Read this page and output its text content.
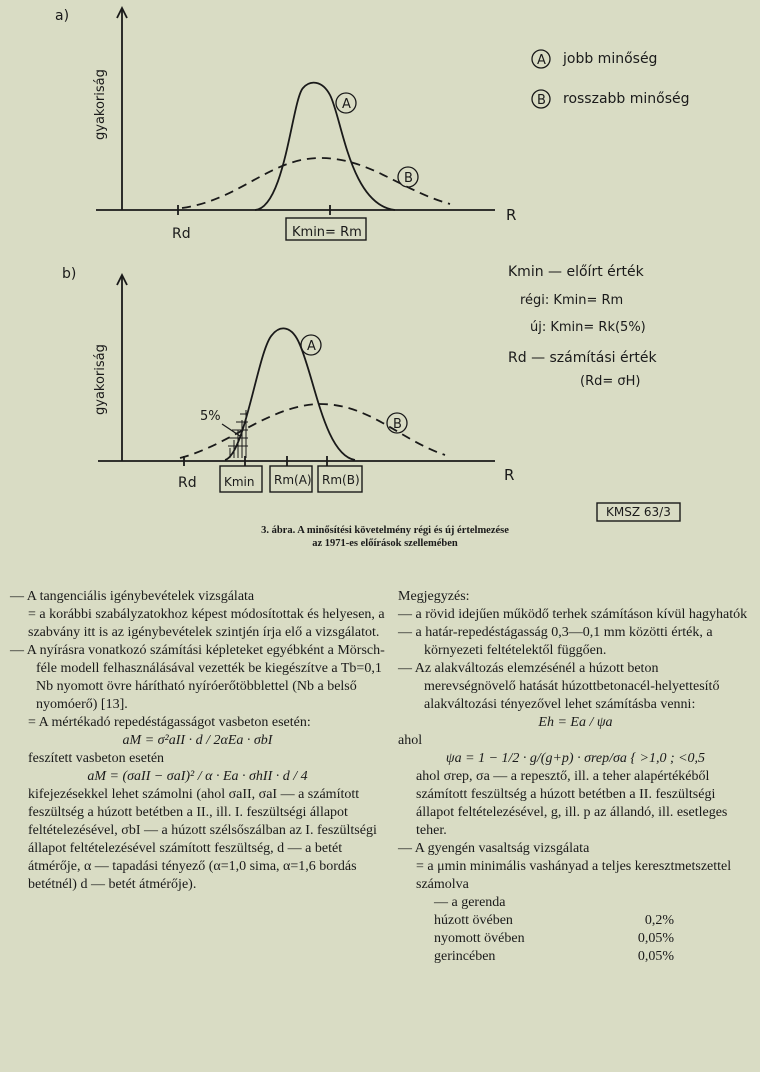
a)
gyakoriság
R
Rd	Kmin= Rm
A jobb minőség
B rosszabb minőség
A
B
b)
gyakoriság
R
Rd Kmin Rm(A) Rm(B)
5%
A
B
Kmin — előírt érték
régi: Kmin= Rm
új: Kmin= Rk(5%)
Rd — számítási érték
(Rd= σH)
KMSZ 63/3
3. ábra. A minősítési követelmény régi és új értelmezése
az 1971-es előírások szellemében

— A tangenciális igénybevételek vizsgálata

= a korábbi szabályzatokhoz képest módosítottak és helyesen, a szabvány itt is az igénybevételek szintjén írja elő a vizsgálatot.

— A nyírásra vonatkozó számítási képleteket egyébként a Mörsch-féle modell felhasználásával vezették be kiegészítve a Tb=0,1 Nb nyomott övre hárítható nyíróerőtöbblettel (Nb a belső nyomóerő) [13].

= A mértékadó repedéstágasságot vasbeton esetén:

aM = σ²aII · d / 2αEa · σbI

feszített vasbeton esetén

aM = (σaII − σaI)² / α · Ea · σhII · d / 4

kifejezésekkel lehet számolni (ahol σaII, σaI — a számított feszültség a húzott betétben a II., ill. I. feszültségi állapot feltételezésével, σbI — a húzott szélsőszálban az I. feszültségi állapot feltételezésével számított feszültség, d — a betét átmérője, α — tapadási tényező (α=1,0 sima, α=1,6 bordás betétnél) d — betét átmérője).

Megjegyzés:

— a rövid idejűen működő terhek számításon kívül hagyhatók

— a határ-repedéstágasság 0,3—0,1 mm közötti érték, a környezeti feltételektől függően.

— Az alakváltozás elemzésénél a húzott beton merevségnövelő hatását húzottbetonacél-helyettesítő alakváltozási tényezővel lehet számításba venni:

Eh = Ea / ψa

ahol

ψa = 1 − 1/2 · g/(g+p) · σrep/σa { >1,0 ; <0,5

ahol σrep, σa — a repesztő, ill. a teher alapértékéből számított feszültség a húzott betétben a II. feszültségi állapot feltételezésével, g, ill. p az állandó, ill. esetleges teher.

— A gyengén vasaltság vizsgálata

= a μmin minimális vashányad a teljes keresztmetszettel számolva

— a gerenda

húzott övében	0,2%
nyomott övében	0,05%
gerincében	0,05%
